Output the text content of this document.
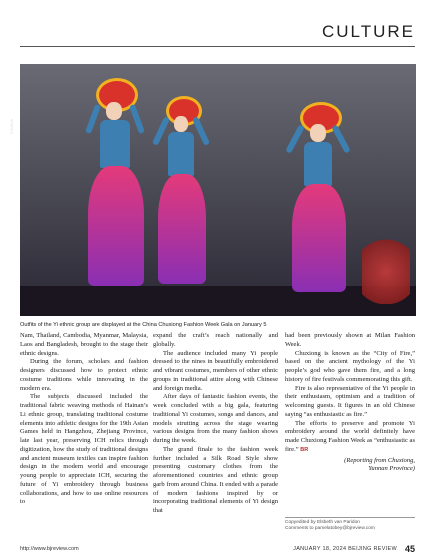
CULTURE
XINHUA
Outfits of the Yi ethnic group are displayed at the China Chuxiong Fashion Week Gala on January 5

Nam, Thailand, Cambodia, Myanmar, Malaysia, Laos and Bangladesh, brought to the stage their ethnic designs.

During the forum, scholars and fashion designers discussed how to protect ethnic costume traditions while innovating in the modern era.

The subjects discussed included the traditional fabric weaving methods of Hainan’s Li ethnic group, translating traditional costume elements into athletic designs for the 19th Asian Games held in Hangzhou, Zhejiang Province, late last year, preserving ICH relics through digitization, how the study of traditional designs and ancient museum textiles can inspire fashion design in the modern world and encourage young people to appreciate ICH, securing the future of Yi embroidery through business collaborations, and how to use online resources to

expand the craft’s reach nationally and globally.

The audience included many Yi people dressed to the nines in beautifully embroidered and vibrant costumes, members of other ethnic groups in traditional attire along with Chinese and foreign media.

After days of fantastic fashion events, the week concluded with a big gala, featuring traditional Yi costumes, songs and dances, and models strutting across the stage wearing various designs from the many fashion shows during the week.

The grand finale to the fashion week further included a Silk Road Style show presenting customary clothes from the aforementioned countries and ethnic group garb from around China. It ended with a parade of modern fashions inspired by or incorporating traditional elements of Yi design that

had been previously shown at Milan Fashion Week.

Chuxiong is known as the “City of Fire,” based on the ancient mythology of the Yi people’s god who gave them fire, and a long history of fire festivals commemorating this gift.

Fire is also representative of the Yi people in their enthusiasm, optimism and a tradition of welcoming guests. It figures in an old Chinese saying “as enthusiastic as fire.”

The efforts to preserve and promote Yi embroidery around the world definitely have made Chuxiong Fashion Week as “enthusiastic as fire.” BR

(Reporting from Chuxiong,
Yunnan Province)
Copyedited by Elsbeth van Paridon
Comments to pamelatobey@bjreview.com
http://www.bjreview.com	JANUARY 18, 2024 BEIJING REVIEW 45
